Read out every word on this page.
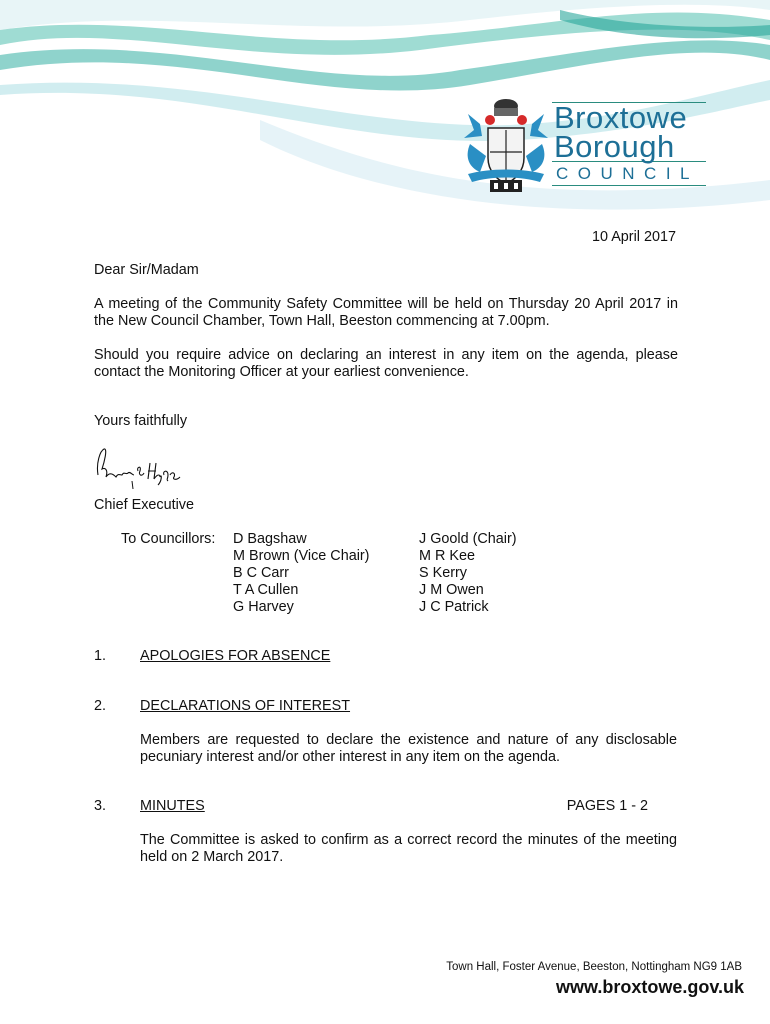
Broxtowe
Borough
COUNCIL
10 April 2017
Dear Sir/Madam
A meeting of the Community Safety Committee will be held on Thursday 20 April 2017 in the New Council Chamber, Town Hall, Beeston commencing at 7.00pm.
Should you require advice on declaring an interest in any item on the agenda, please contact the Monitoring Officer at your earliest convenience.
Yours faithfully
Chief Executive
To Councillors: D Bagshaw
M Brown (Vice Chair)
B C Carr
T A Cullen
G Harvey
J Goold (Chair)
M R Kee
S Kerry
J M Owen
J C Patrick
1. APOLOGIES FOR ABSENCE
2. DECLARATIONS OF INTEREST
Members are requested to declare the existence and nature of any disclosable pecuniary interest and/or other interest in any item on the agenda.
3. MINUTES	PAGES 1 - 2
The Committee is asked to confirm as a correct record the minutes of the meeting held on 2 March 2017.
Town Hall, Foster Avenue, Beeston, Nottingham NG9 1AB
www.broxtowe.gov.uk
